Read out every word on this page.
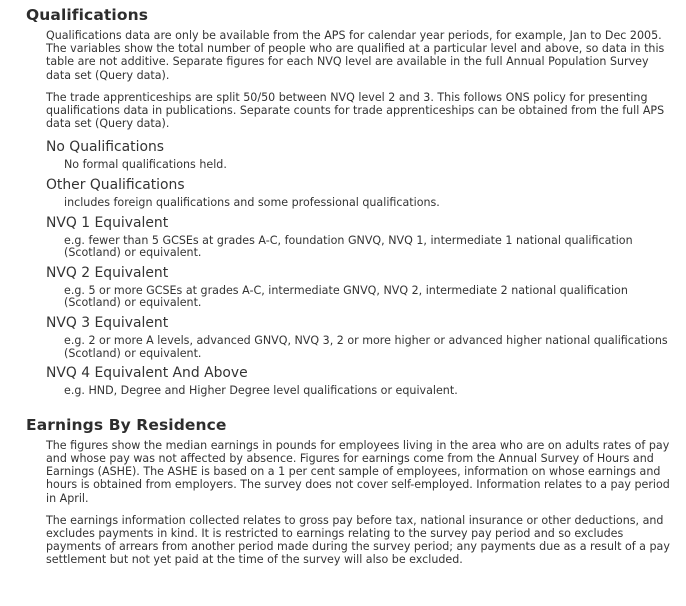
Qualifications

Qualifications data are only be available from the APS for calendar year periods, for example, Jan to Dec 2005. The variables show the total number of people who are qualified at a particular level and above, so data in this table are not additive. Separate figures for each NVQ level are available in the full Annual Population Survey data set (Query data).

The trade apprenticeships are split 50/50 between NVQ level 2 and 3. This follows ONS policy for presenting qualifications data in publications. Separate counts for trade apprenticeships can be obtained from the full APS data set (Query data).

No Qualifications

No formal qualifications held.

Other Qualifications

includes foreign qualifications and some professional qualifications.

NVQ 1 Equivalent

e.g. fewer than 5 GCSEs at grades A-C, foundation GNVQ, NVQ 1, intermediate 1 national qualification (Scotland) or equivalent.

NVQ 2 Equivalent

e.g. 5 or more GCSEs at grades A-C, intermediate GNVQ, NVQ 2, intermediate 2 national qualification (Scotland) or equivalent.

NVQ 3 Equivalent

e.g. 2 or more A levels, advanced GNVQ, NVQ 3, 2 or more higher or advanced higher national qualifications (Scotland) or equivalent.

NVQ 4 Equivalent And Above

e.g. HND, Degree and Higher Degree level qualifications or equivalent.

Earnings By Residence

The figures show the median earnings in pounds for employees living in the area who are on adults rates of pay and whose pay was not affected by absence. Figures for earnings come from the Annual Survey of Hours and Earnings (ASHE). The ASHE is based on a 1 per cent sample of employees, information on whose earnings and hours is obtained from employers. The survey does not cover self-employed. Information relates to a pay period in April.

The earnings information collected relates to gross pay before tax, national insurance or other deductions, and excludes payments in kind. It is restricted to earnings relating to the survey pay period and so excludes payments of arrears from another period made during the survey period; any payments due as a result of a pay settlement but not yet paid at the time of the survey will also be excluded.
